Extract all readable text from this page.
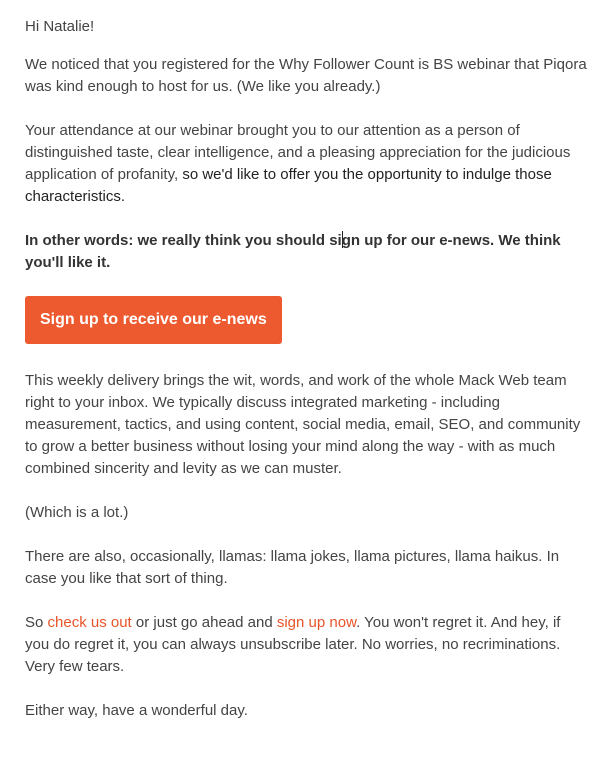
Hi Natalie!

We noticed that you registered for the Why Follower Count is BS webinar that Piqora was kind enough to host for us. (We like you already.)

Your attendance at our webinar brought you to our attention as a person of distinguished taste, clear intelligence, and a pleasing appreciation for the judicious application of profanity, so we'd like to offer you the opportunity to indulge those characteristics.

In other words: we really think you should sign up for our e-news. We think you'll like it.

Sign up to receive our e-news

This weekly delivery brings the wit, words, and work of the whole Mack Web team right to your inbox. We typically discuss integrated marketing - including measurement, tactics, and using content, social media, email, SEO, and community to grow a better business without losing your mind along the way - with as much combined sincerity and levity as we can muster.

(Which is a lot.)

There are also, occasionally, llamas: llama jokes, llama pictures, llama haikus. In case you like that sort of thing.

So check us out or just go ahead and sign up now. You won't regret it. And hey, if you do regret it, you can always unsubscribe later. No worries, no recriminations. Very few tears.

Either way, have a wonderful day.
